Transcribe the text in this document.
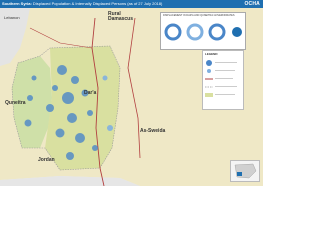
Southern Syria: Displaced Population & Internally Displaced Persons (as of 27 July 2018)	OCHA
Lebanon
Rural Damascus
Quneitra
Dar'a
As-Sweida
Jordan
DISPLACEMENT IN DAR'A AND QUNEITRA GOVERNORATES
LEGEND
